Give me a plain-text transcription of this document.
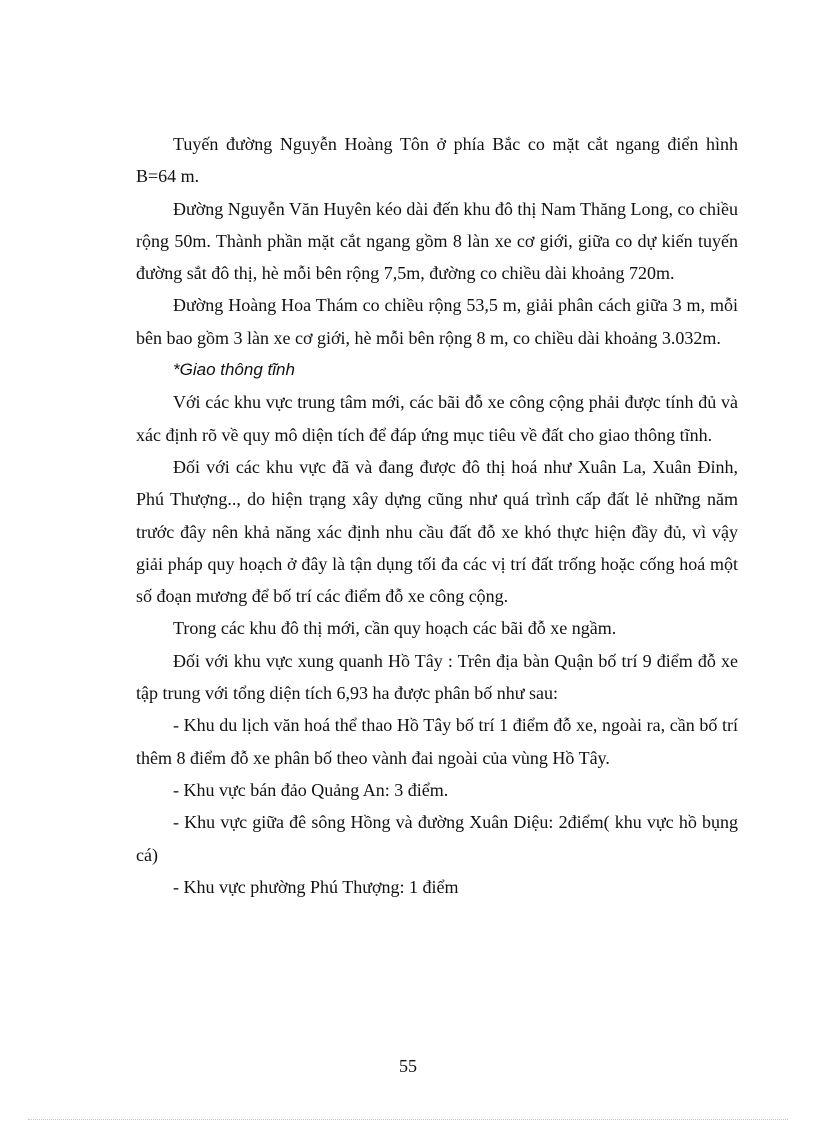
Tuyến đường Nguyễn Hoàng Tôn ở phía Bắc co mặt cắt ngang điển hình B=64 m.

Đường Nguyễn Văn Huyên kéo dài đến khu đô thị Nam Thăng Long, co chiều rộng 50m. Thành phần mặt cắt ngang gồm 8 làn xe cơ giới, giữa co dự kiến tuyến đường sắt đô thị, hè mỗi bên rộng 7,5m, đường co chiều dài khoảng 720m.

Đường Hoàng Hoa Thám co chiều rộng 53,5 m, giải phân cách giữa 3 m, mỗi bên bao gồm 3 làn xe cơ giới, hè mỗi bên rộng 8 m, co chiều dài khoảng 3.032m.

*Giao thông tĩnh

Với các khu vực trung tâm mới, các bãi đỗ xe công cộng phải được tính đủ và xác định rõ về quy mô diện tích để đáp ứng mục tiêu về đất cho giao thông tĩnh.

Đối với các khu vực đã và đang được đô thị hoá như Xuân La, Xuân Đỉnh, Phú Thượng.., do hiện trạng xây dựng cũng như quá trình cấp đất lẻ những năm trước đây nên khả năng xác định nhu cầu đất đỗ xe khó thực hiện đầy đủ, vì vậy giải pháp quy hoạch ở đây là tận dụng tối đa các vị trí đất trống hoặc cống hoá một số đoạn mương để bố trí các điểm đỗ xe công cộng.

Trong các khu đô thị mới, cần quy hoạch các bãi đỗ xe ngầm.

Đối với khu vực xung quanh Hồ Tây : Trên địa bàn Quận bố trí 9 điểm đỗ xe tập trung với tổng diện tích 6,93 ha được phân bố như sau:

- Khu du lịch văn hoá thể thao Hồ Tây bố trí 1 điểm đỗ xe, ngoài ra, cần bố trí thêm 8 điểm đỗ xe phân bố theo vành đai ngoài của vùng Hồ Tây.

- Khu vực bán đảo Quảng An: 3 điểm.

- Khu vực giữa đê sông Hồng và đường Xuân Diệu: 2điểm( khu vực hồ bụng cá)

- Khu vực phường Phú Thượng: 1 điểm

55
